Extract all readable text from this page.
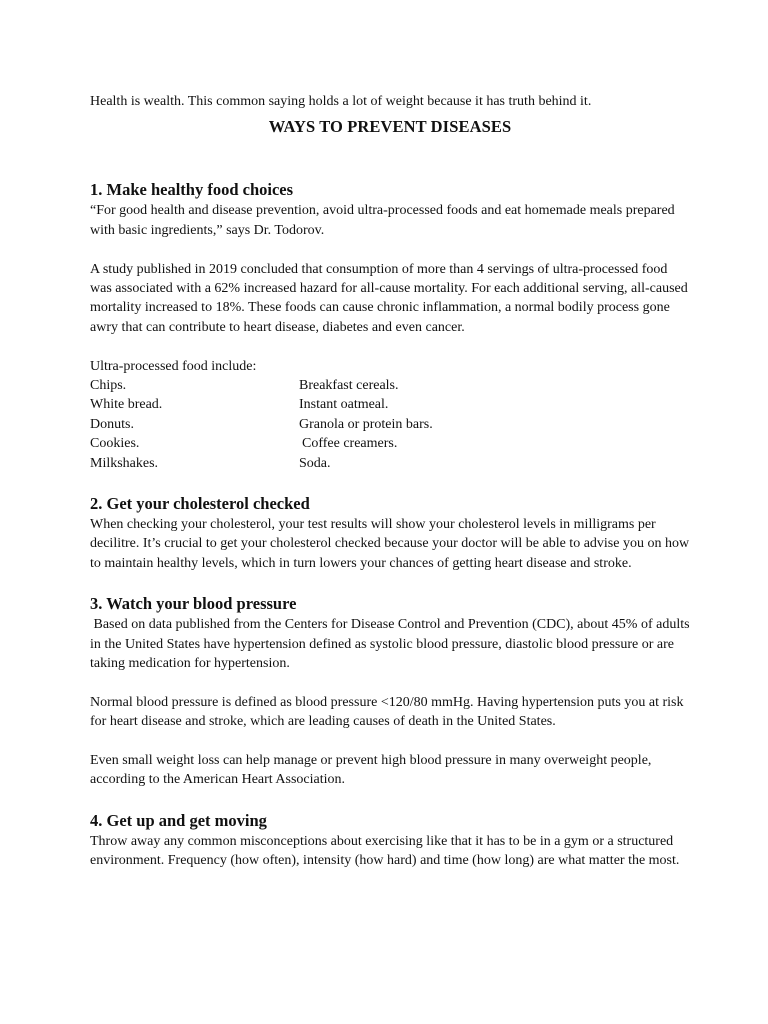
Health is wealth. This common saying holds a lot of weight because it has truth behind it.

WAYS TO PREVENT DISEASES
1. Make healthy food choices

“For good health and disease prevention, avoid ultra-processed foods and eat homemade meals prepared with basic ingredients,” says Dr. Todorov.

A study published in 2019 concluded that consumption of more than 4 servings of ultra-processed food was associated with a 62% increased hazard for all-cause mortality. For each additional serving, all-caused mortality increased to 18%. These foods can cause chronic inflammation, a normal bodily process gone awry that can contribute to heart disease, diabetes and even cancer.

Ultra-processed food include:

Chips.	Breakfast cereals.
White bread.	Instant oatmeal.
Donuts.	Granola or protein bars.
Cookies.	Coffee creamers.
Milkshakes.	Soda.
2. Get your cholesterol checked

When checking your cholesterol, your test results will show your cholesterol levels in milligrams per decilitre. It’s crucial to get your cholesterol checked because your doctor will be able to advise you on how to maintain healthy levels, which in turn lowers your chances of getting heart disease and stroke.

3. Watch your blood pressure

Based on data published from the Centers for Disease Control and Prevention (CDC), about 45% of adults in the United States have hypertension defined as systolic blood pressure, diastolic blood pressure or are taking medication for hypertension.

Normal blood pressure is defined as blood pressure <120/80 mmHg. Having hypertension puts you at risk for heart disease and stroke, which are leading causes of death in the United States.

Even small weight loss can help manage or prevent high blood pressure in many overweight people, according to the American Heart Association.

4. Get up and get moving

Throw away any common misconceptions about exercising like that it has to be in a gym or a structured environment. Frequency (how often), intensity (how hard) and time (how long) are what matter the most.
